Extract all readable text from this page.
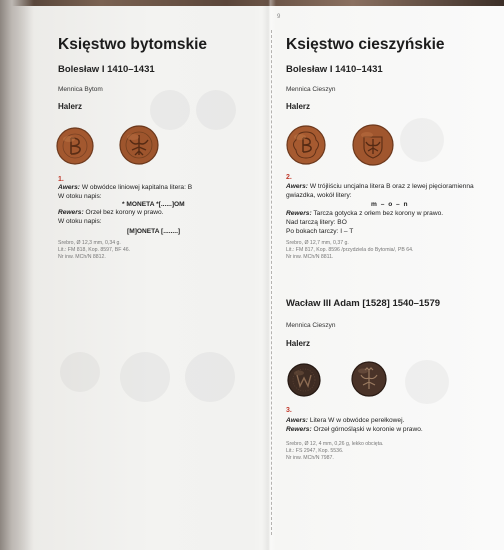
9
Księstwo bytomskie
Bolesław I 1410–1431
Mennica Bytom
Halerz
1.
Awers: W obwódce liniowej kapitalna litera: B
W otoku napis:
* MONETA *[......]OM
Rewers: Orzeł bez korony w prawo.
W otoku napis:
[M]ONETA [........]
Srebro, Ø 12,3 mm, 0,34 g.
Lit.: FM 818, Kop. 8597, BF 46.
Nr inw. MCh/N 8812.
Księstwo cieszyńskie
Bolesław I 1410–1431
Mennica Cieszyn
Halerz
2.
Awers: W trójliściu uncjalna litera B oraz z lewej pięcioramienna
gwiazdka, wokół litery:
m – o – n
Rewers: Tarcza gotycka z orłem bez korony w prawo.
Nad tarczą litery: BO
Po bokach tarczy: I – T
Srebro, Ø 12,7 mm, 0,37 g.
Lit.: FM 817, Kop. 8596 /przydziela do Bytomia/, PB 64.
Nr inw. MCh/N 8811.
Wacław III Adam [1528] 1540–1579
Mennica Cieszyn
Halerz
3.
Awers: Litera W w obwódce perełkowej.
Rewers: Orzeł górnośląski w koronie w prawo.
Srebro, Ø 12, 4 mm, 0,26 g, lekko obcięta.
Lit.: FS 2947, Kop. 5536.
Nr inw. MCh/N 7987.
